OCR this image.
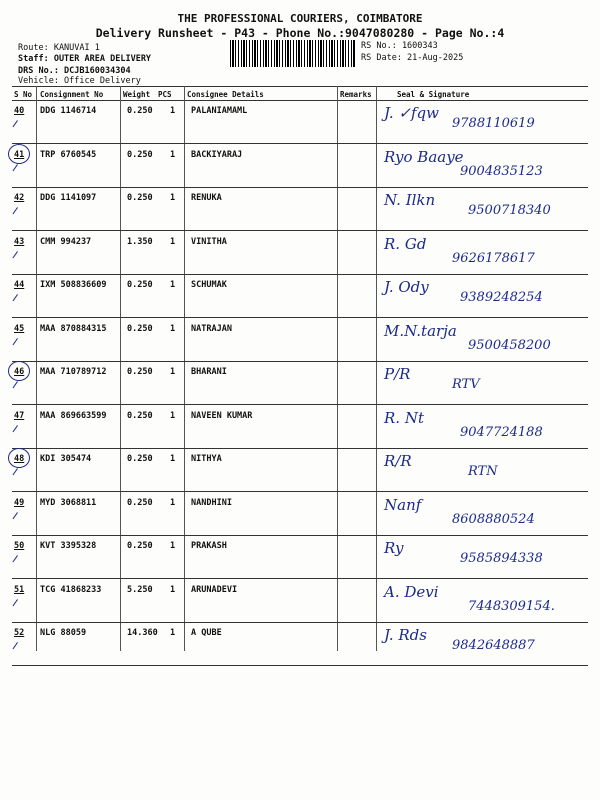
THE PROFESSIONAL COURIERS, COIMBATORE
Delivery Runsheet - P43 - Phone No.:9047080280 - Page No.:4
Route: KANUVAI 1
Staff: OUTER AREA DELIVERY
DRS No.: DCJB160034304
Vehicle: Office Delivery
RS No.: 1600343
RS Date: 21-Aug-2025
S No Consignment No	Weight PCS Consignee Details	Remarks	Seal & Signature
40 DDG 1146714	0.250 1 PALANIAMAML	J. ✓fqw
9788110619
41 TRP 6760545	0.250 1 BACKIYARAJ	Ryo Baaye
9004835123
42 DDG 1141097	0.250 1 RENUKA	N. Ilkn
9500718340
43 CMM 994237	1.350 1 VINITHA	R. Gd
9626178617
44 IXM 508836609 0.250 1 SCHUMAK	J. Ody
9389248254
45 MAA 870884315 0.250 1 NATRAJAN	M.N.tarja
9500458200
46 MAA 710789712 0.250 1 BHARANI	P/R
RTV
47 MAA 869663599 0.250 1 NAVEEN KUMAR	R. Nt
9047724188
48 KDI 305474	0.250 1 NITHYA	R/R
RTN
49 MYD 3068811	0.250 1 NANDHINI	Nanf
8608880524
50 KVT 3395328	0.250 1 PRAKASH	Ry
9585894338
51 TCG 41868233	5.250 1 ARUNADEVI	A. Devi
7448309154.
52 NLG 88059	14.360 1 A QUBE	J. Rds
9842648887
